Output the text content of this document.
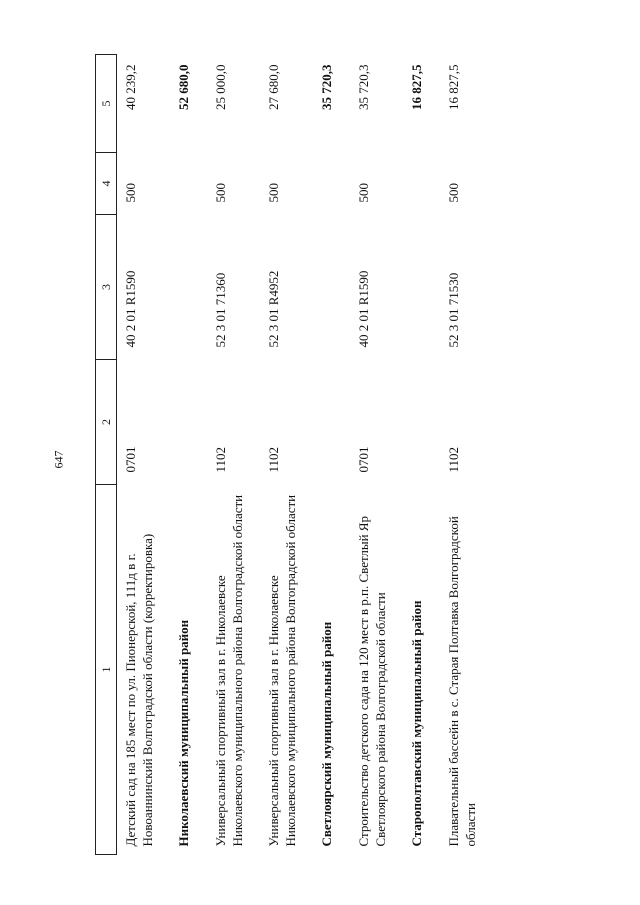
647
1	2	3	4	5
Детский сад на 185 мест по ул. Пионерской, 111д в г. Новоаннинский Волгоградской области (корректировка)	0701	40 2 01 R1590	500	40 239,2
Николаевский муниципальный район				52 680,0
Универсальный спортивный зал в г. Николаевске Николаевского муниципального района Волгоградской области	1102	52 3 01 71360	500	25 000,0
Универсальный спортивный зал в г. Николаевске Николаевского муниципального района Волгоградской области	1102	52 3 01 R4952	500	27 680,0
Светлоярский муниципальный район				35 720,3
Строительство детского сада на 120 мест в р.п. Светлый Яр Светлоярского района Волгоградской области	0701	40 2 01 R1590	500	35 720,3
Старополтавский муниципальный район				16 827,5
Плавательный бассейн в с. Старая Полтавка Волгоградской области	1102	52 3 01 71530	500	16 827,5
